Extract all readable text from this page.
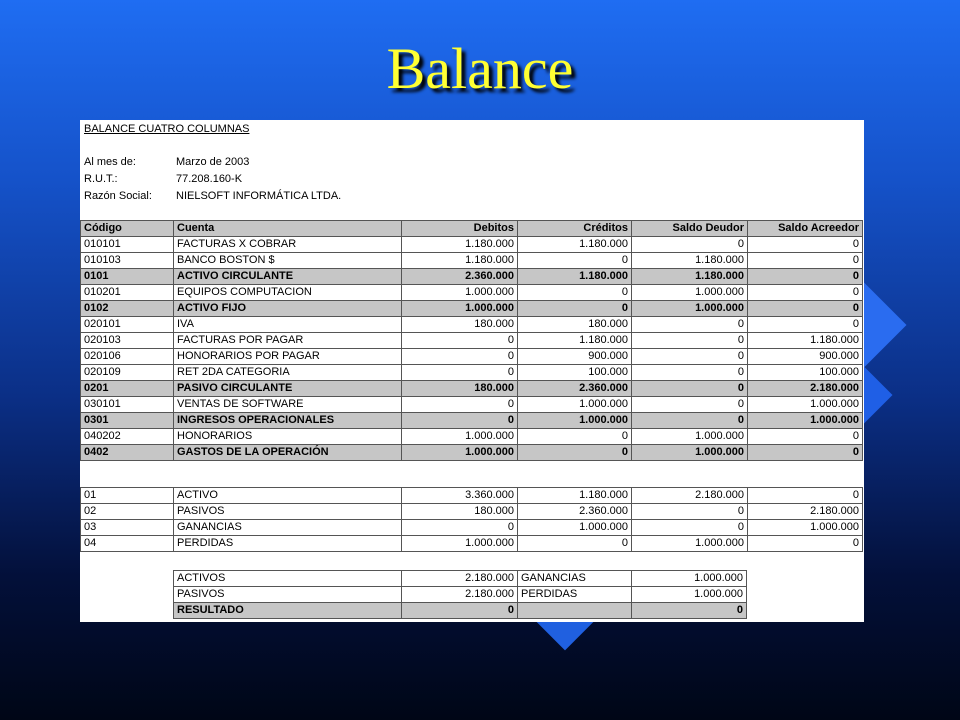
Balance
BALANCE CUATRO COLUMNAS
Al mes de:	Marzo de 2003
R.U.T.:	77.208.160-K
Razón Social: NIELSOFT INFORMÁTICA LTDA.
Código	Cuenta	Debitos	Créditos	Saldo Deudor	Saldo Acreedor
010101	FACTURAS X COBRAR	1.180.000	1.180.000	0	0
010103	BANCO BOSTON $	1.180.000	0	1.180.000	0
0101	ACTIVO CIRCULANTE	2.360.000	1.180.000	1.180.000	0
010201	EQUIPOS COMPUTACION	1.000.000	0	1.000.000	0
0102	ACTIVO FIJO	1.000.000	0	1.000.000	0
020101	IVA	180.000	180.000	0	0
020103	FACTURAS POR PAGAR	0	1.180.000	0	1.180.000
020106	HONORARIOS POR PAGAR	0	900.000	0	900.000
020109	RET 2DA CATEGORIA	0	100.000	0	100.000
0201	PASIVO CIRCULANTE	180.000	2.360.000	0	2.180.000
030101	VENTAS DE SOFTWARE	0	1.000.000	0	1.000.000
0301	INGRESOS OPERACIONALES	0	1.000.000	0	1.000.000
040202	HONORARIOS	1.000.000	0	1.000.000	0
0402	GASTOS DE LA OPERACIÓN	1.000.000	0	1.000.000	0
01	ACTIVO	3.360.000	1.180.000	2.180.000	0
02	PASIVOS	180.000	2.360.000	0	2.180.000
03	GANANCIAS	0	1.000.000	0	1.000.000
04	PERDIDAS	1.000.000	0	1.000.000	0
ACTIVOS	2.180.000	GANANCIAS	1.000.000
PASIVOS	2.180.000	PERDIDAS	1.000.000
RESULTADO	0		0
